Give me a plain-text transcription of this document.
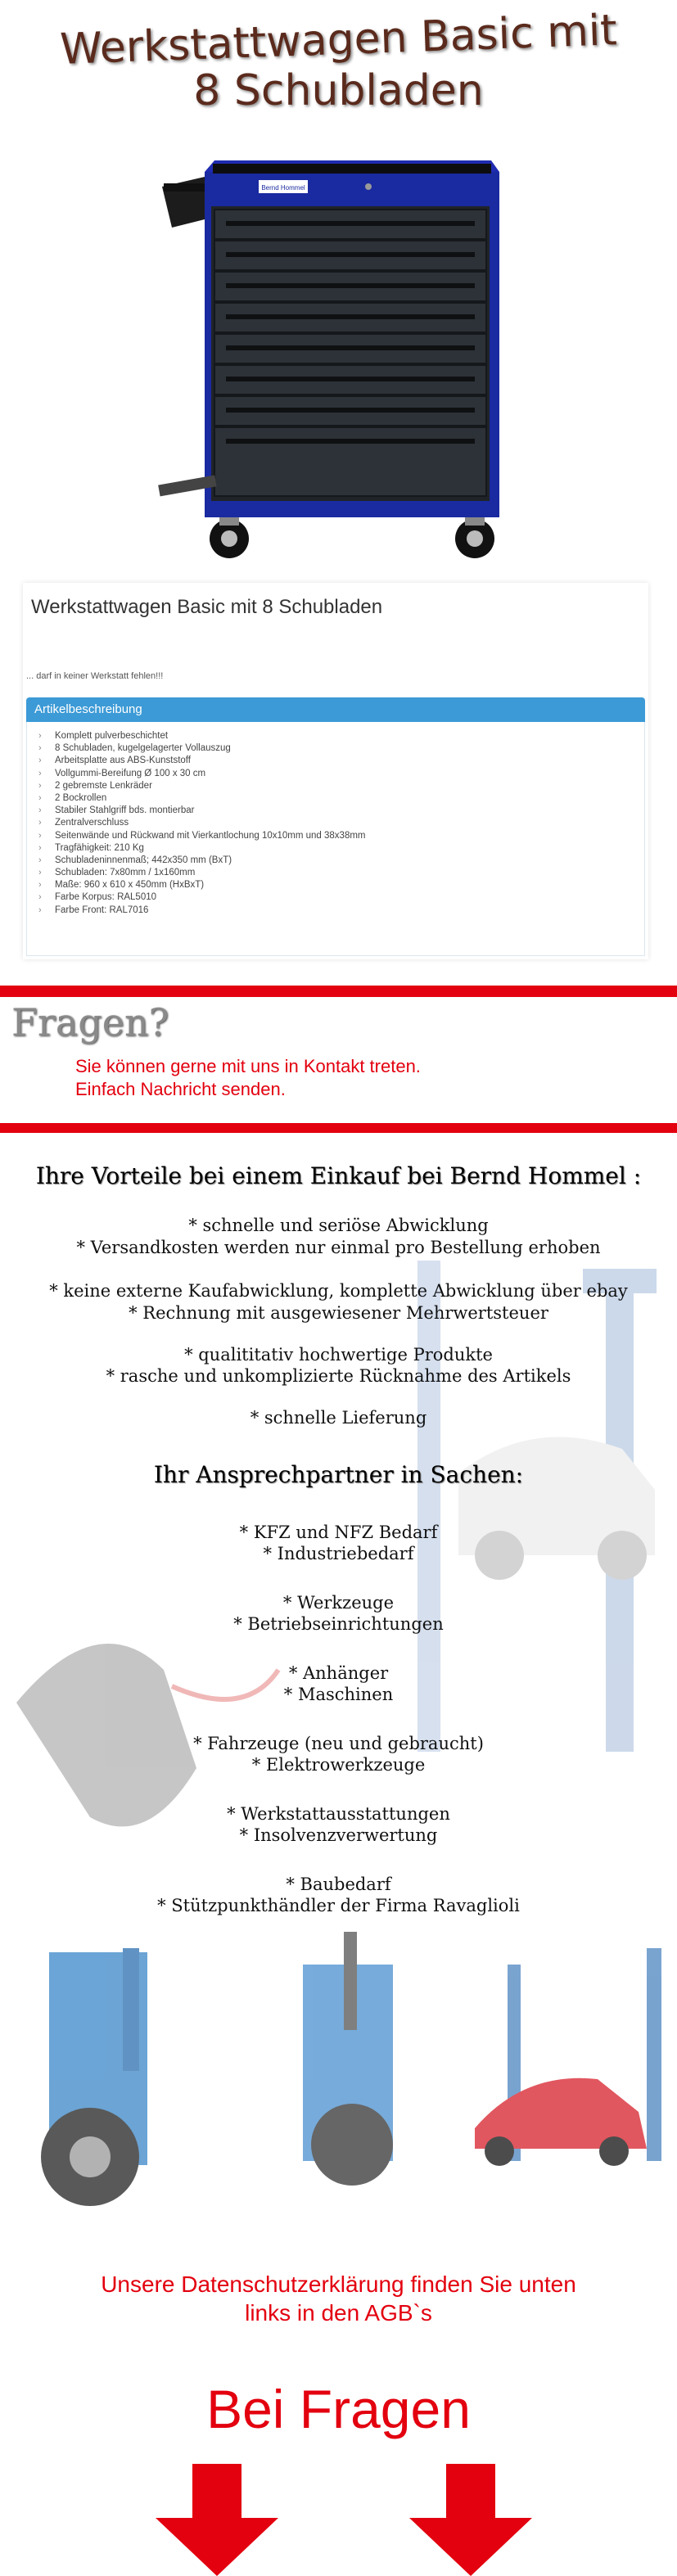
Werkstattwagen Basic mit
8 Schubladen
Bernd Hommel
Werkstattwagen Basic mit 8 Schubladen
... darf in keiner Werkstatt fehlen!!!
Artikelbeschreibung
› Komplett pulverbeschichtet
› 8 Schubladen, kugelgelagerter Vollauszug
› Arbeitsplatte aus ABS-Kunststoff
› Vollgummi-Bereifung Ø 100 x 30 cm
› 2 gebremste Lenkräder
› 2 Bockrollen
› Stabiler Stahlgriff bds. montierbar
› Zentralverschluss
› Seitenwände und Rückwand mit Vierkantlochung 10x10mm und 38x38mm
› Tragfähigkeit: 210 Kg
› Schubladeninnenmaß; 442x350 mm (BxT)
› Schubladen: 7x80mm / 1x160mm
› Maße: 960 x 610 x 450mm (HxBxT)
› Farbe Korpus: RAL5010
› Farbe Front: RAL7016
Fragen?
Sie können gerne mit uns in Kontakt treten.
Einfach Nachricht senden.
Ihre Vorteile bei einem Einkauf bei Bernd Hommel :
* schnelle und seriöse Abwicklung
* Versandkosten werden nur einmal pro Bestellung erhoben
* keine externe Kaufabwicklung, komplette Abwicklung über ebay
* Rechnung mit ausgewiesener Mehrwertsteuer
* qualititativ hochwertige Produkte
* rasche und unkomplizierte Rücknahme des Artikels
* schnelle Lieferung
Ihr Ansprechpartner in Sachen:
* KFZ und NFZ Bedarf
* Industriebedarf
* Werkzeuge
* Betriebseinrichtungen
* Anhänger
* Maschinen
* Fahrzeuge (neu und gebraucht)
* Elektrowerkzeuge
* Werkstattausstattungen
* Insolvenzverwertung
* Baubedarf
* Stützpunkthändler der Firma Ravaglioli
Unsere Datenschutzerklärung finden Sie unten
links in den AGB`s
Bei Fragen
